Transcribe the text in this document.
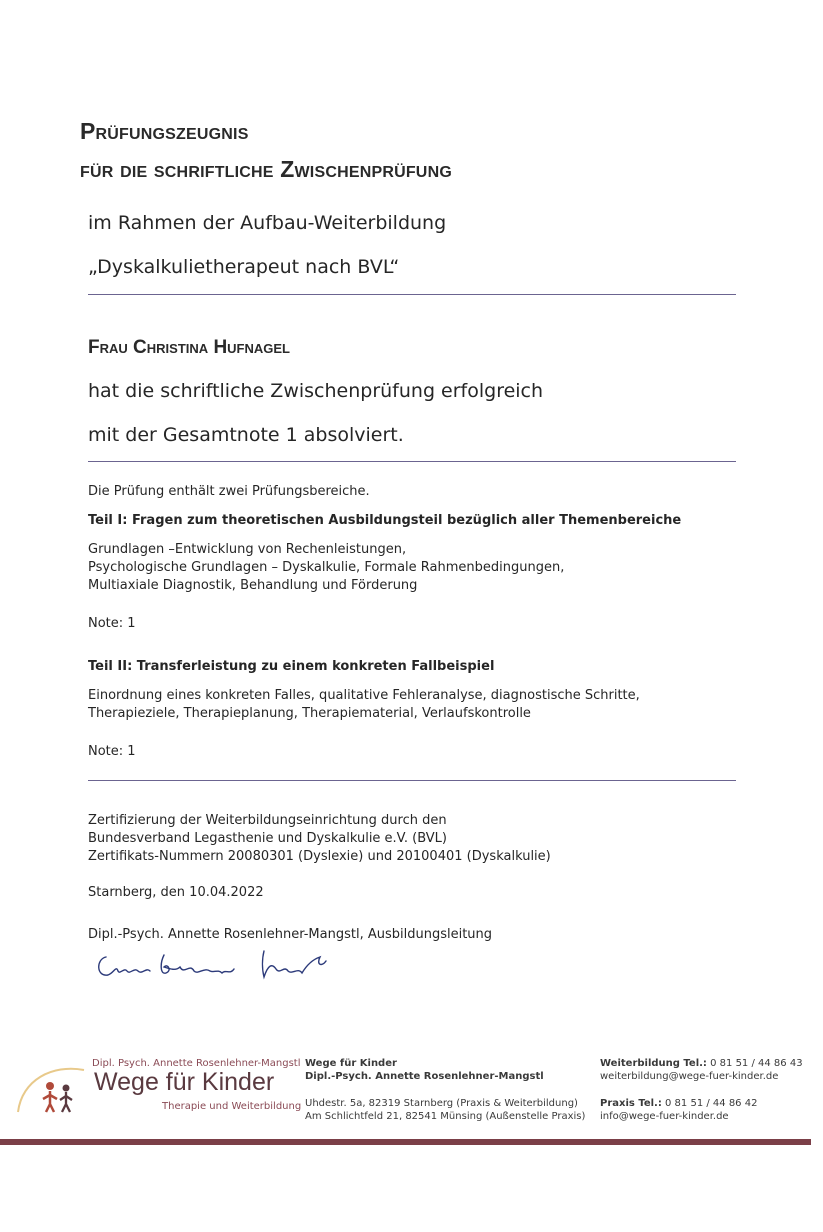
Prüfungszeugnis
für die schriftliche Zwischenprüfung
im Rahmen der Aufbau-Weiterbildung
„Dyskalkulietherapeut nach BVL“
Frau Christina Hufnagel
hat die schriftliche Zwischenprüfung erfolgreich
mit der Gesamtnote 1 absolviert.
Die Prüfung enthält zwei Prüfungsbereiche.
Teil I: Fragen zum theoretischen Ausbildungsteil bezüglich aller Themenbereiche
Grundlagen –Entwicklung von Rechenleistungen,
Psychologische Grundlagen – Dyskalkulie, Formale Rahmenbedingungen,
Multiaxiale Diagnostik, Behandlung und Förderung
Note: 1
Teil II: Transferleistung zu einem konkreten Fallbeispiel
Einordnung eines konkreten Falles, qualitative Fehleranalyse, diagnostische Schritte,
Therapieziele, Therapieplanung, Therapiematerial, Verlaufskontrolle
Note: 1
Zertifizierung der Weiterbildungseinrichtung durch den
Bundesverband Legasthenie und Dyskalkulie e.V. (BVL)
Zertifikats-Nummern 20080301 (Dyslexie) und 20100401 (Dyskalkulie)
Starnberg, den 10.04.2022
Dipl.-Psych. Annette Rosenlehner-Mangstl, Ausbildungsleitung
Dipl. Psych. Annette Rosenlehner-Mangstl
Wege für Kinder
Therapie und Weiterbildung
Wege für Kinder
Dipl.-Psych. Annette Rosenlehner-Mangstl
Uhdestr. 5a, 82319 Starnberg (Praxis & Weiterbildung)
Am Schlichtfeld 21, 82541 Münsing (Außenstelle Praxis)
Weiterbildung Tel.: 0 81 51 / 44 86 43
weiterbildung@wege-fuer-kinder.de
Praxis Tel.: 0 81 51 / 44 86 42
info@wege-fuer-kinder.de
